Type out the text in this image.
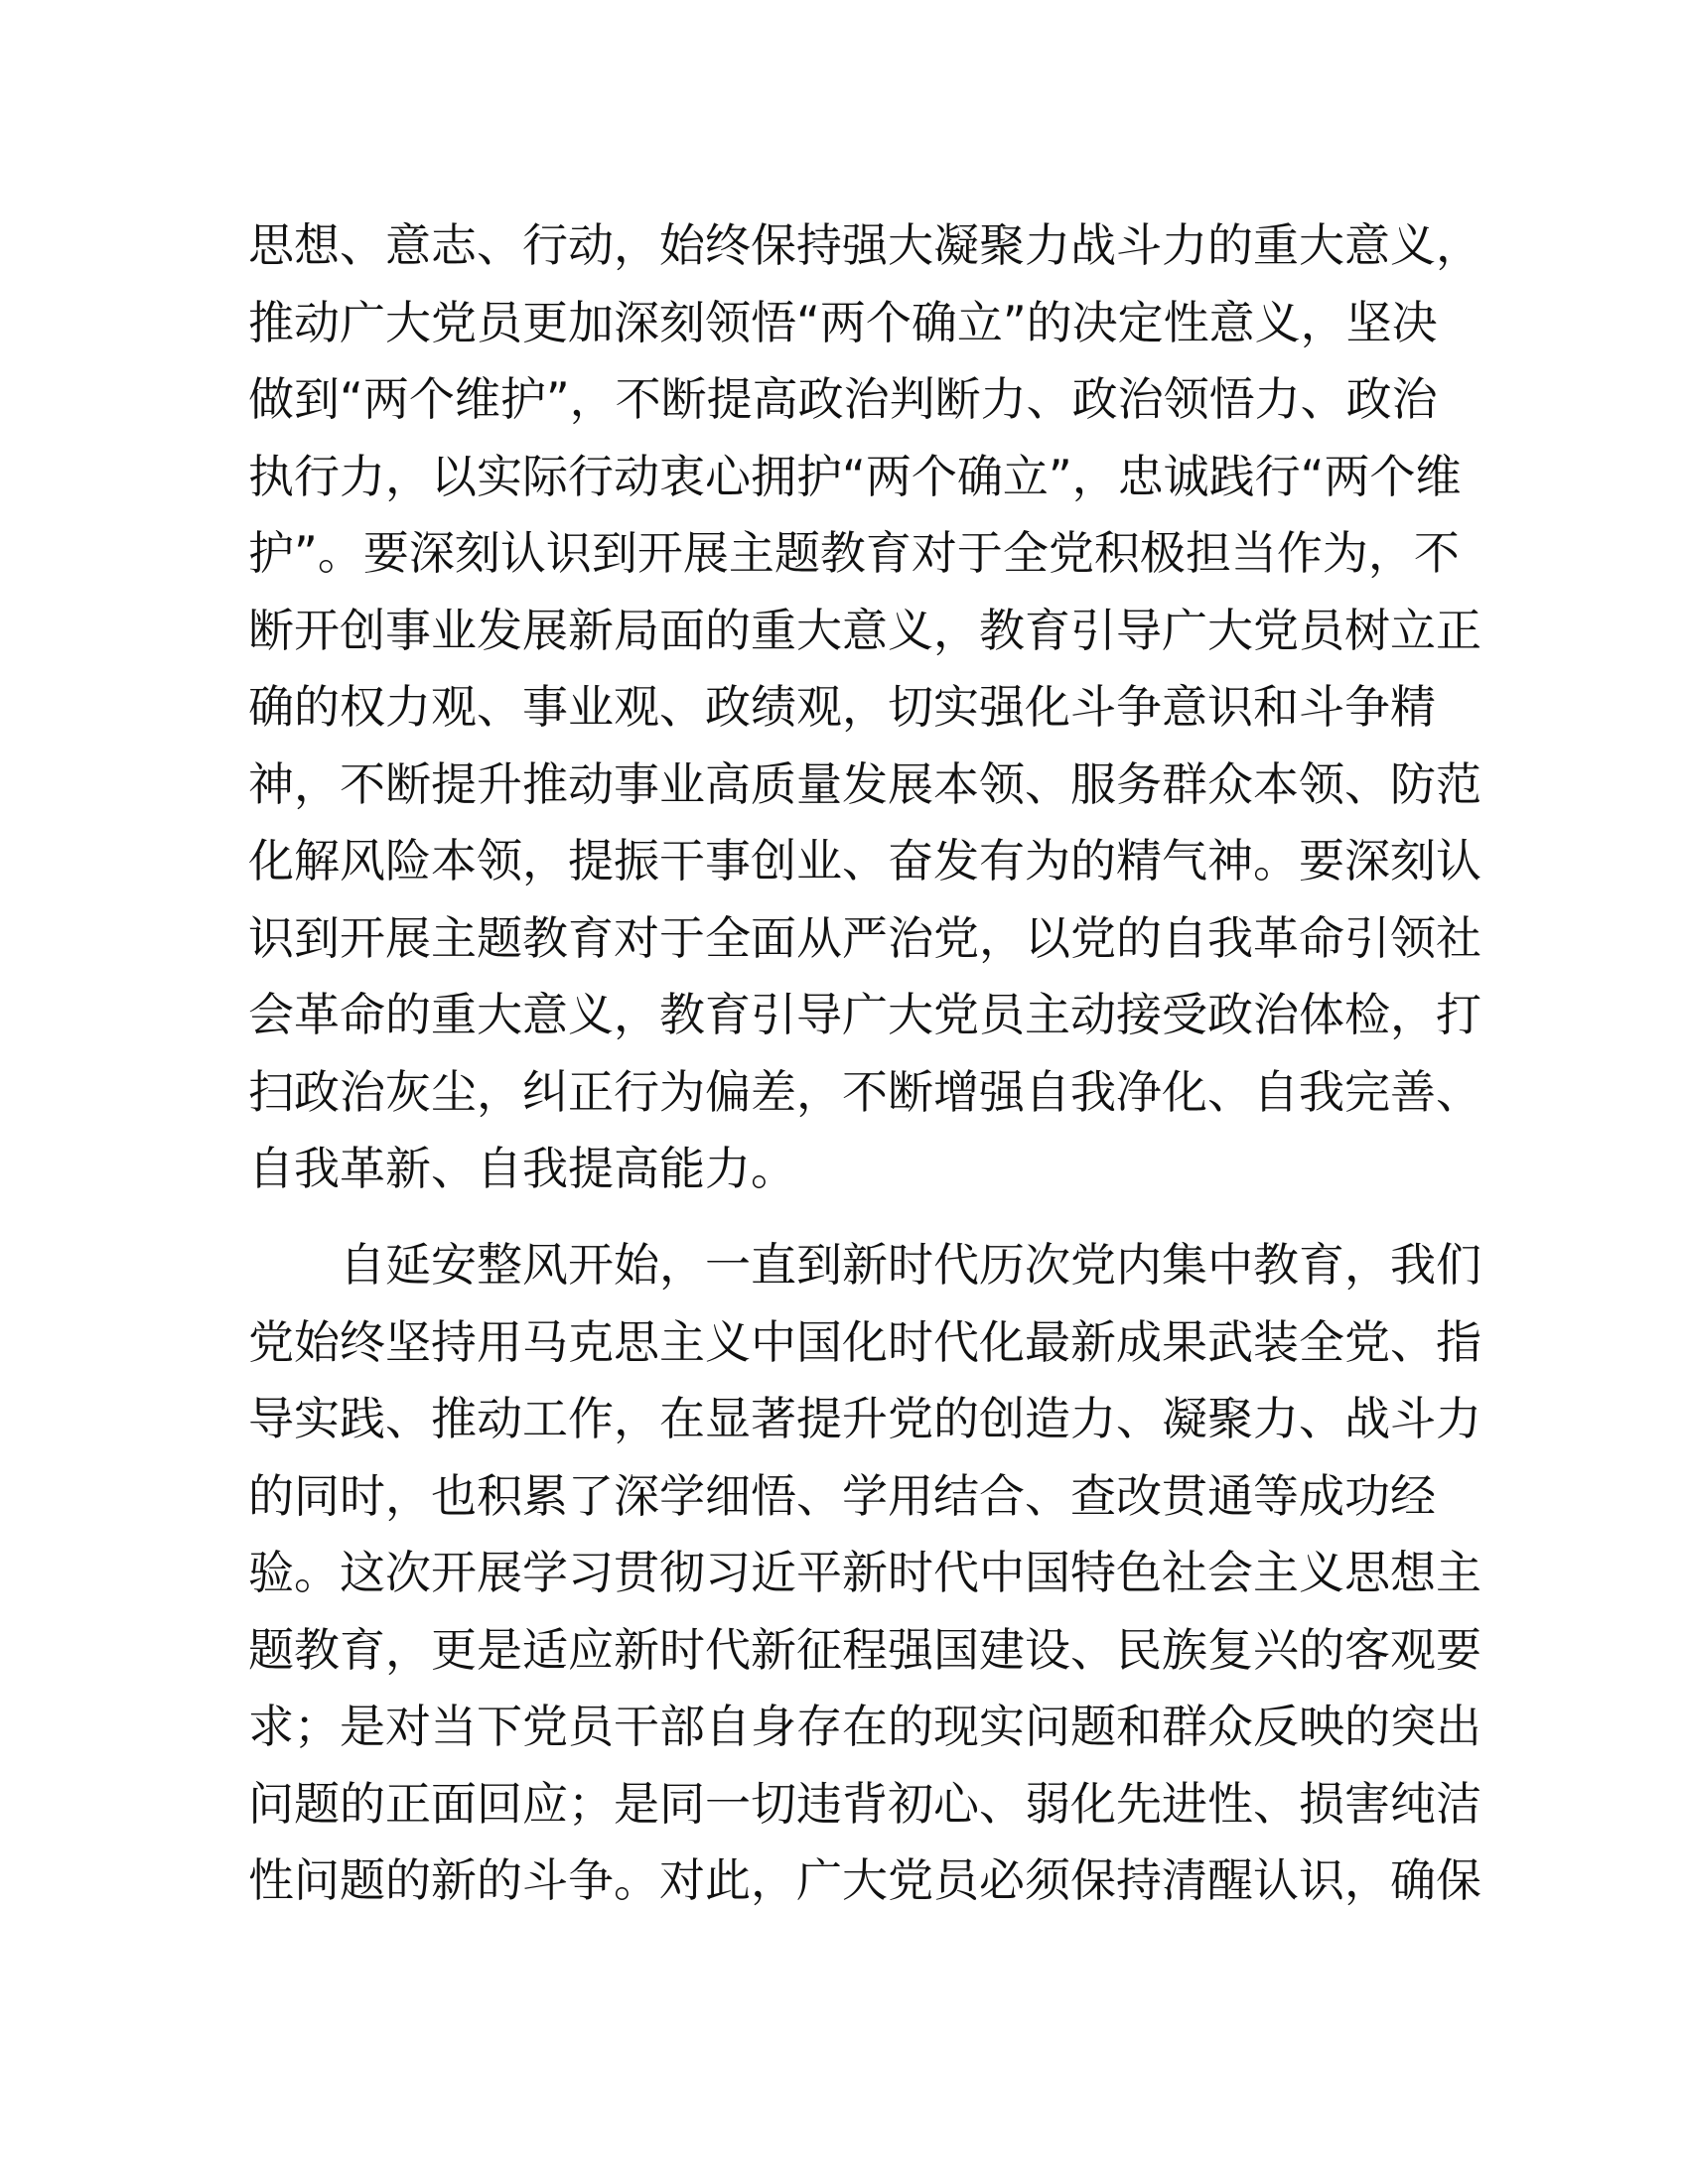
思想、意志、行动，始终保持强大凝聚力战斗力的重大意义，
推动广大党员更加深刻领悟“两个确立”的决定性意义，坚决
做到“两个维护”，不断提高政治判断力、政治领悟力、政治
执行力，以实际行动衷心拥护“两个确立”，忠诚践行“两个维
护”。要深刻认识到开展主题教育对于全党积极担当作为，不
断开创事业发展新局面的重大意义，教育引导广大党员树立正
确的权力观、事业观、政绩观，切实强化斗争意识和斗争精
神，不断提升推动事业高质量发展本领、服务群众本领、防范
化解风险本领，提振干事创业、奋发有为的精气神。要深刻认
识到开展主题教育对于全面从严治党，以党的自我革命引领社
会革命的重大意义，教育引导广大党员主动接受政治体检，打
扫政治灰尘，纠正行为偏差，不断增强自我净化、自我完善、
自我革新、自我提高能力。
　　自延安整风开始，一直到新时代历次党内集中教育，我们
党始终坚持用马克思主义中国化时代化最新成果武装全党、指
导实践、推动工作，在显著提升党的创造力、凝聚力、战斗力
的同时，也积累了深学细悟、学用结合、查改贯通等成功经
验。这次开展学习贯彻习近平新时代中国特色社会主义思想主
题教育，更是适应新时代新征程强国建设、民族复兴的客观要
求；是对当下党员干部自身存在的现实问题和群众反映的突出
问题的正面回应；是同一切违背初心、弱化先进性、损害纯洁
性问题的新的斗争。对此，广大党员必须保持清醒认识，确保
